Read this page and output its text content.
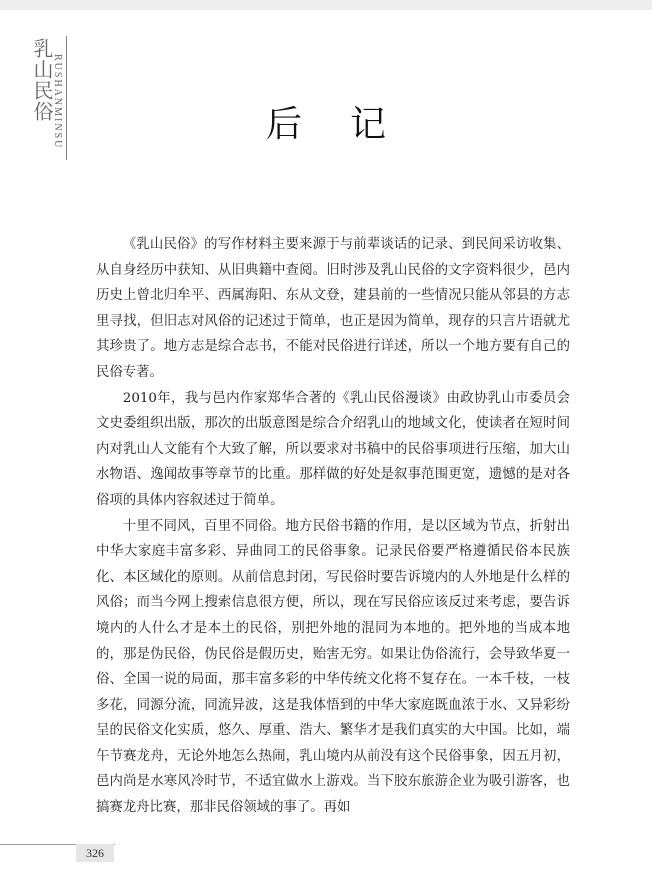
乳山民俗
RUSHANMINSU	后记

《乳山民俗》的写作材料主要来源于与前辈谈话的记录、到民间采访收集、从自身经历中获知、从旧典籍中查阅。旧时涉及乳山民俗的文字资料很少，邑内历史上曾北归牟平、西属海阳、东从文登，建县前的一些情况只能从邻县的方志里寻找，但旧志对风俗的记述过于简单，也正是因为简单，现存的只言片语就尤其珍贵了。地方志是综合志书，不能对民俗进行详述，所以一个地方要有自己的民俗专著。

2010年，我与邑内作家郑华合著的《乳山民俗漫谈》由政协乳山市委员会文史委组织出版，那次的出版意图是综合介绍乳山的地域文化，使读者在短时间内对乳山人文能有个大致了解，所以要求对书稿中的民俗事项进行压缩，加大山水物语、逸闻故事等章节的比重。那样做的好处是叙事范围更宽，遗憾的是对各俗项的具体内容叙述过于简单。

十里不同风，百里不同俗。地方民俗书籍的作用，是以区域为节点，折射出中华大家庭丰富多彩、异曲同工的民俗事象。记录民俗要严格遵循民俗本民族化、本区域化的原则。从前信息封闭，写民俗时要告诉境内的人外地是什么样的风俗；而当今网上搜索信息很方便，所以，现在写民俗应该反过来考虑，要告诉境内的人什么才是本土的民俗，别把外地的混同为本地的。把外地的当成本地的，那是伪民俗，伪民俗是假历史，贻害无穷。如果让伪俗流行，会导致华夏一俗、全国一说的局面，那丰富多彩的中华传统文化将不复存在。一本千枝，一枝多花，同源分流，同流异波，这是我体悟到的中华大家庭既血浓于水、又异彩纷呈的民俗文化实质，悠久、厚重、浩大、繁华才是我们真实的大中国。比如，端午节赛龙舟，无论外地怎么热闹，乳山境内从前没有这个民俗事象，因五月初，邑内尚是水寒风冷时节，不适宜做水上游戏。当下胶东旅游企业为吸引游客，也搞赛龙舟比赛，那非民俗领域的事了。再如

326
